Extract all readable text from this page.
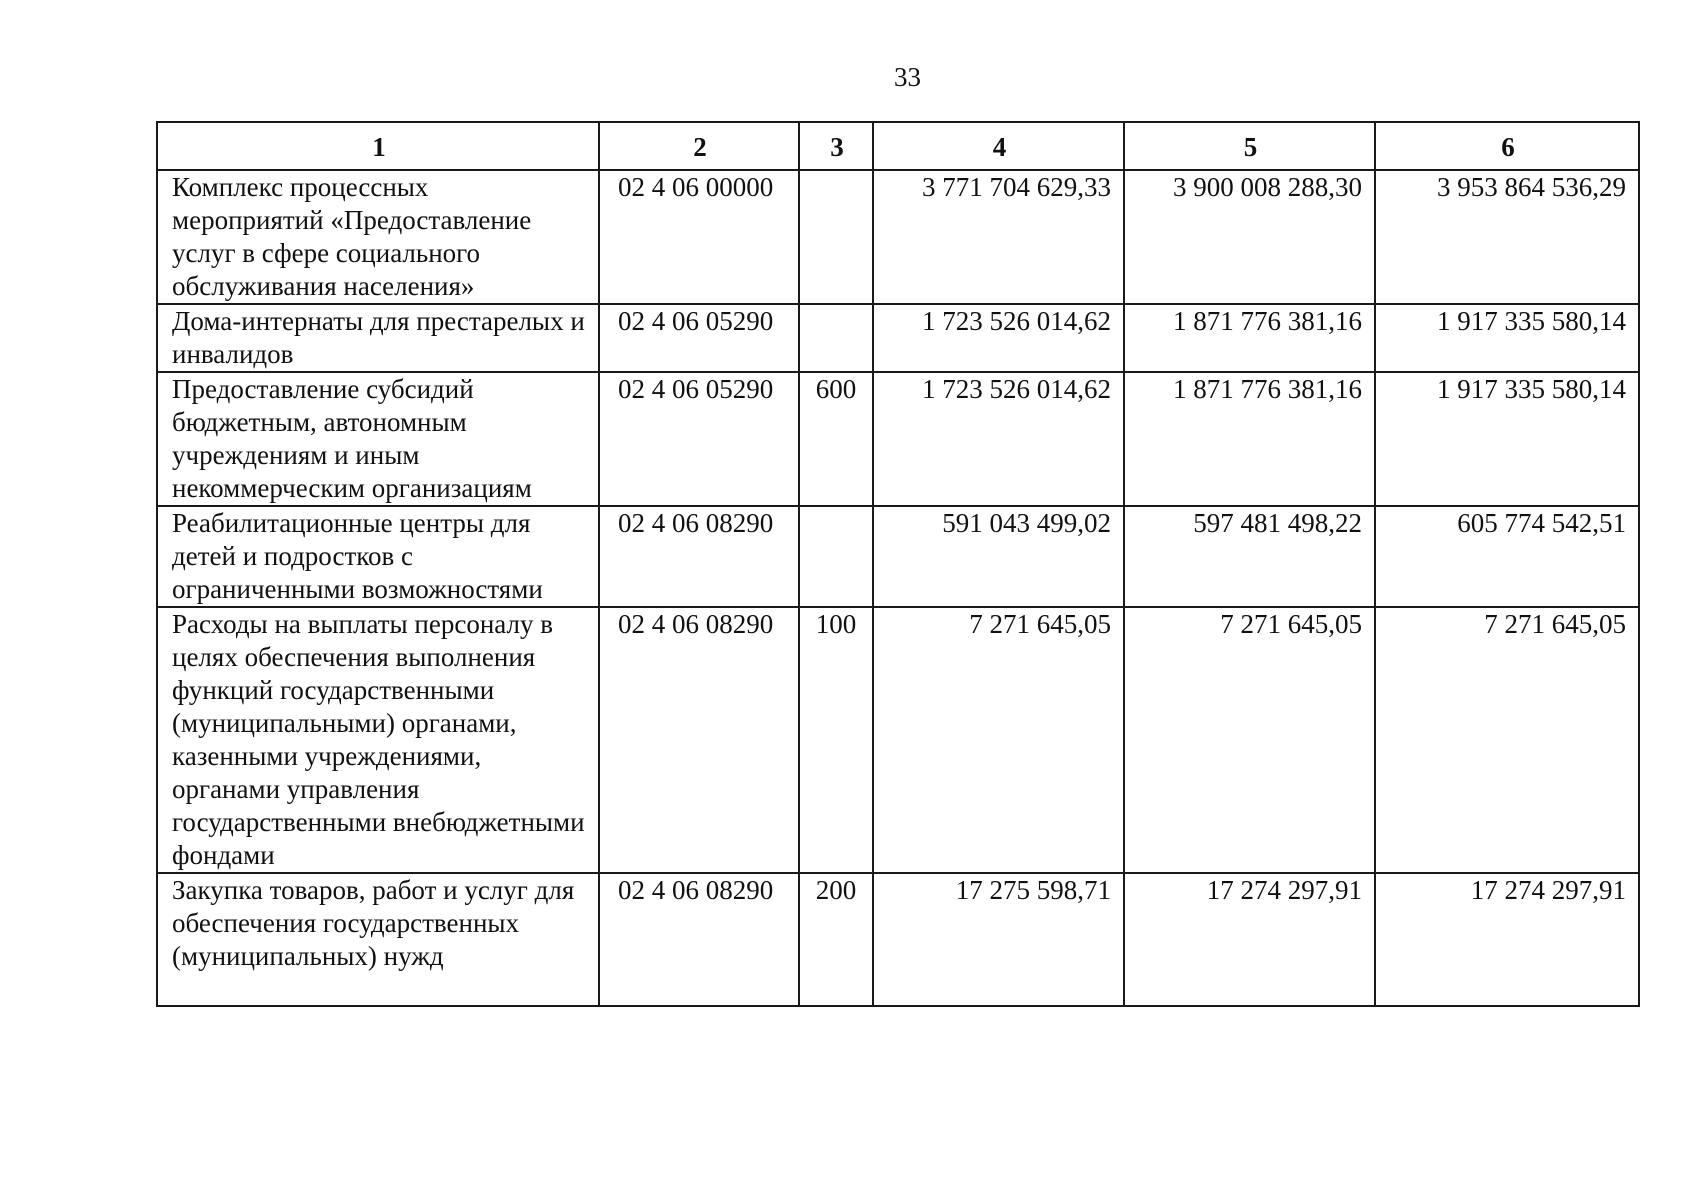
33
1	2	3	4	5	6
Комплекс процессных мероприятий «Предоставление услуг в сфере социального обслуживания населения»	02 4 06 00000		3 771 704 629,33	3 900 008 288,30	3 953 864 536,29
Дома-интернаты для престарелых и инвалидов	02 4 06 05290		1 723 526 014,62	1 871 776 381,16	1 917 335 580,14
Предоставление субсидий бюджетным, автономным учреждениям и иным некоммерческим организациям	02 4 06 05290	600	1 723 526 014,62	1 871 776 381,16	1 917 335 580,14
Реабилитационные центры для детей и подростков с ограниченными возможностями	02 4 06 08290		591 043 499,02	597 481 498,22	605 774 542,51
Расходы на выплаты персоналу в целях обеспечения выполнения функций государственными (муниципальными) органами, казенными учреждениями, органами управления государственными внебюджетными фондами	02 4 06 08290	100	7 271 645,05	7 271 645,05	7 271 645,05
Закупка товаров, работ и услуг для обеспечения государственных (муниципальных) нужд	02 4 06 08290	200	17 275 598,71	17 274 297,91	17 274 297,91
